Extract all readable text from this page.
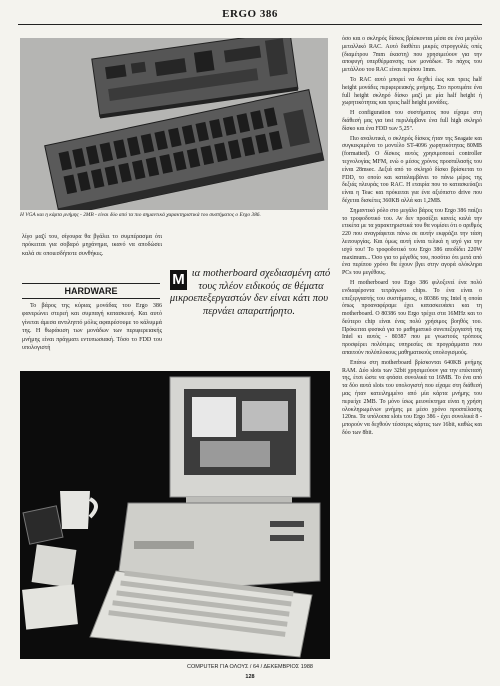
ERGO 386
Η VGA και η κάρτα μνήμης - 2MB - είναι δύο από τα πιο σημαντικά χαρακτηριστικά του συστήματος ο Ergo 386.

λίγο μαζί του, σίγουρα θα βγάλει το συμπέρασμα ότι πρόκειται για σοβαρό μηχάνημα, ικανό να αποδώσει καλά σε οποιεσδήποτε συνθήκες.

HARDWARE

Το βάρος της κύριας μονάδας του Ergo 386 φανερώνει στερεή και συμπαγή κατασκευή. Και αυτό γίνεται άμεσα αντιληπτό μόλις αφαιρέσουμε το κάλυμμά της. Η θωράκιση των μονάδων των περιφερειακής μνήμης είναι πράγματι εντυπωσιακή. Τόσο το FDD του υπολογιστή

Μ ια motherboard σχεδιασμένη από τους πλέον ειδικούς σε θέματα μικροεπεξεργαστών δεν είναι κάτι που περνάει απαρατήρητο.

όσο και ο σκληρός δίσκος βρίσκονται μέσα σε ένα μεγάλο μεταλλικό RAC. Αυτό διαθέτει μικρές στρογγυλές οπές (διαμέτρου 7mm έκαστη) που χρησιμεύουν για την αποφυγή υπερθέρμανσης των μονάδων. Το πάχος του μετάλλου του RAC είναι περίπου 1mm.

Το RAC αυτό μπορεί να δεχθεί έως και τρεις half height μονάδες περιφερειακής μνήμης. Στο προτιμάτε ένα full height σκληρό δίσκο μαζί με μία half height ή χωρητικότητας και τρεις half height μονάδες.

Η configuration του συστήματος που είχαμε στη διάθεσή μας για test περιλάμβανε ένα full high σκληρό δίσκο και ένα FDD των 5,25".

Πιο αναλυτικά, ο σκληρός δίσκος ήταν της Seagate και συγκεκριμένα το μοντέλο ST-4096 χωρητικότητας 80MB (formatted). Ο δίσκος αυτός χρησιμοποιεί controller τεχνολογίας MFM, ενώ ο μέσος χρόνος προσπέλασής του είναι 28msec. Δεξιά από το σκληρό δίσκο βρίσκεται το FDD, το οποίο και καταλαμβάνει το πάνω μέρος της δεξιάς πλευράς του RAC. Η εταιρία που το κατασκεύαζει είναι η Teac και πρόκειται για ένα αξιόπιστο drive που δέχεται δισκέτες 360KB αλλά και 1,2MB.

Σημαντικό ρόλο στο μεγάλο βάρος του Ergo 386 παίζει το τροφοδοτικό του. Αν δεν προσέξει κανείς καλά την ετικέτα με τα χαρακτηριστικά του θα νομίσει ότι ο αριθμός 220 που αναγράφεται πάνω σε αυτήν εκφράζει την τάση λειτουργίας. Και όμως αυτή είναι τελικά η ισχύ για την ισχύ του! Το τροφοδοτικό του Ergo 386 αποδίδει 220W maximum... Όσο για το μέγεθός του, ποσότιο ότι μετά από ένα περίπου χρόνο θα έχουν βγει στην αγορά ολόκληρα PCs του μεγέθους.

Η motherboard του Ergo 386 φιλοξενεί ένα πολύ ενδιαφέροντα τετράγωνο chips. Το ένα είναι ο επεξεργαστής του συστήματος, ο 80386 της Intel η οποία όπως προαναφέραμε έχει κατασκευάσει και τη motherboard. Ο 80386 του Ergo τρέχει στα 16MHz και το δεύτερο chip είναι ένας πολύ χρήσιμος βοηθός του. Πρόκειται φυσικά για το μαθηματικό συνεπεξεργαστή της Intel κι αυτός - 80387 που με γνωστούς τρόπους προσφέρει πολύτιμες υπηρεσίες σε προγράμματα που απαιτούν πολύπλοκους μαθηματικούς υπολογισμούς.

Επάνω στη motherboard βρίσκονται 640KB μνήμης RAM. Δύο slots των 32bit χρησιμεύουν για την επέκτασή της, έτσι ώστε να φτάσει συνολικά τα 16MB. Το ένα από τα δύο αυτά slots του υπολογιστή που είχαμε στη διάθεσή μας ήταν κατειλημμένο από μία κάρτα μνήμης του περιείχε 2MB. Το μόνο ίσως μειονέκτημα είναι η χρήση ολοκληρωμένων μνήμης με μέσο χρόνο προσπέλασης 120ns. Τα υπόλοιπα slots του Ergo 386 - έχει συνολικά 8 - μπορούν να δεχθούν τέσσερις κάρτες των 16bit, καθώς και δύο των 8bit.

COMPUTER ΓΙΑ ΟΛΟΥΣ / 64 / ΔΕΚΕΜΒΡΙΟΣ 1988
128
